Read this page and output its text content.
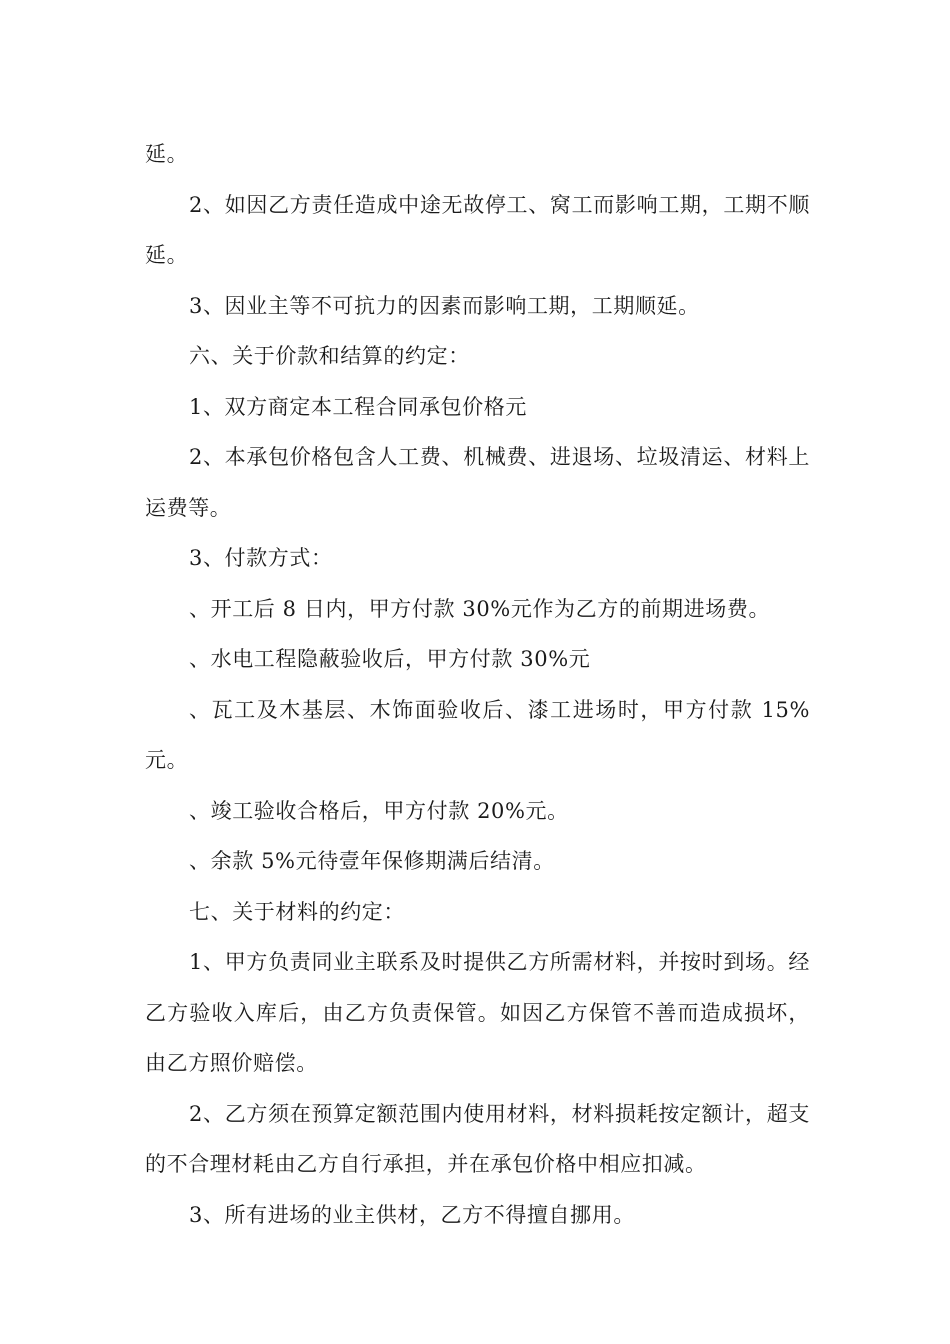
延。

2、如因乙方责任造成中途无故停工、窝工而影响工期，工期不顺延。

3、因业主等不可抗力的因素而影响工期，工期顺延。

六、关于价款和结算的约定：

1、双方商定本工程合同承包价格元

2、本承包价格包含人工费、机械费、进退场、垃圾清运、材料上运费等。

3、付款方式：

、开工后 8 日内，甲方付款 30%元作为乙方的前期进场费。

、水电工程隐蔽验收后，甲方付款 30%元

、瓦工及木基层、木饰面验收后、漆工进场时，甲方付款 15%元。

、竣工验收合格后，甲方付款 20%元。

、余款 5%元待壹年保修期满后结清。

七、关于材料的约定：

1、甲方负责同业主联系及时提供乙方所需材料，并按时到场。经乙方验收入库后，由乙方负责保管。如因乙方保管不善而造成损坏，由乙方照价赔偿。

2、乙方须在预算定额范围内使用材料，材料损耗按定额计，超支的不合理材耗由乙方自行承担，并在承包价格中相应扣减。

3、所有进场的业主供材，乙方不得擅自挪用。
